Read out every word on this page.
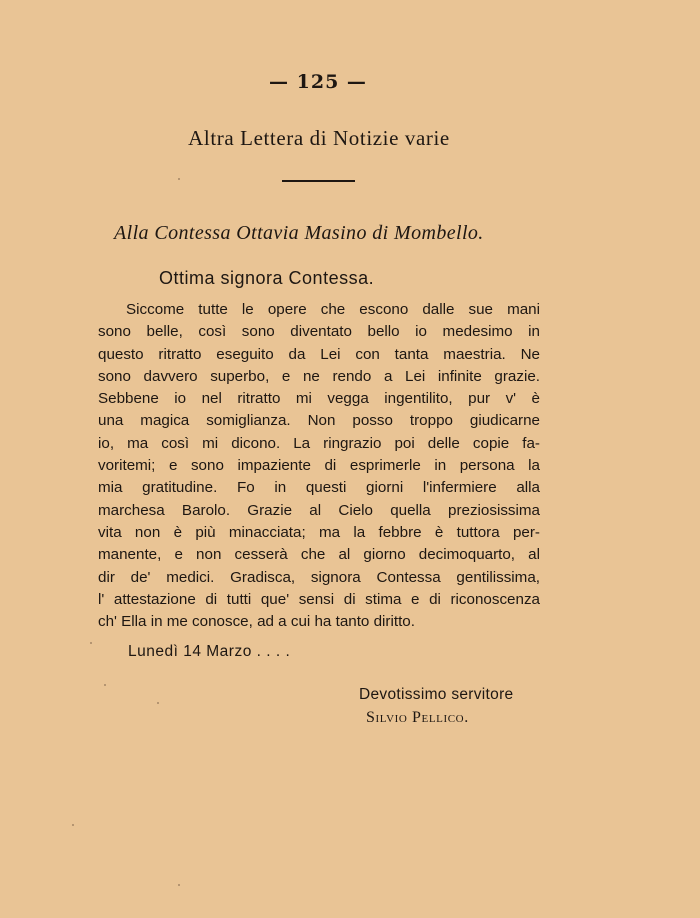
— 125 —
Altra Lettera di Notizie varie
Alla Contessa Ottavia Masino di Mombello.
Ottima signora Contessa.
Siccome tutte le opere che escono dalle sue mani
sono belle, così sono diventato bello io medesimo in
questo ritratto eseguito da Lei con tanta maestria. Ne
sono davvero superbo, e ne rendo a Lei infinite grazie.
Sebbene io nel ritratto mi vegga ingentilito, pur v' è
una magica somiglianza. Non posso troppo giudicarne
io, ma così mi dicono. La ringrazio poi delle copie fa-
voritemi; e sono impaziente di esprimerle in persona la
mia gratitudine. Fo in questi giorni l'infermiere alla
marchesa Barolo. Grazie al Cielo quella preziosissima
vita non è più minacciata; ma la febbre è tuttora per-
manente, e non cesserà che al giorno decimoquarto, al
dir de' medici. Gradisca, signora Contessa gentilissima,
l' attestazione di tutti que' sensi di stima e di riconoscenza
ch' Ella in me conosce, ad a cui ha tanto diritto.
Lunedì 14 Marzo . . . .
Devotissimo servitore
Silvio Pellico.
